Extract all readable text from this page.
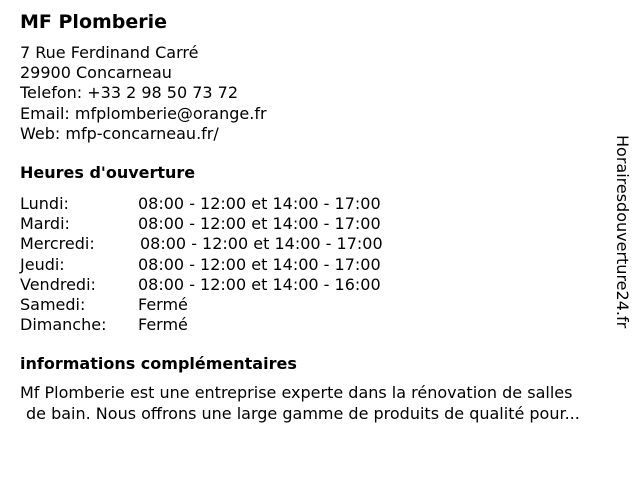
MF Plomberie
7 Rue Ferdinand Carré
29900 Concarneau
Telefon: +33 2 98 50 73 72
Email: mfplomberie@orange.fr
Web: mfp-concarneau.fr/
Heures d'ouverture
Lundi:	08:00 - 12:00 et 14:00 - 17:00
Mardi:	08:00 - 12:00 et 14:00 - 17:00
Mercredi:	08:00 - 12:00 et 14:00 - 17:00
Jeudi:	08:00 - 12:00 et 14:00 - 17:00
Vendredi:	08:00 - 12:00 et 14:00 - 16:00
Samedi:	Fermé
Dimanche: Fermé
informations complémentaires
Mf Plomberie est une entreprise experte dans la rénovation de salles
de bain. Nous offrons une large gamme de produits de qualité pour...
Horairesdouverture24.fr
